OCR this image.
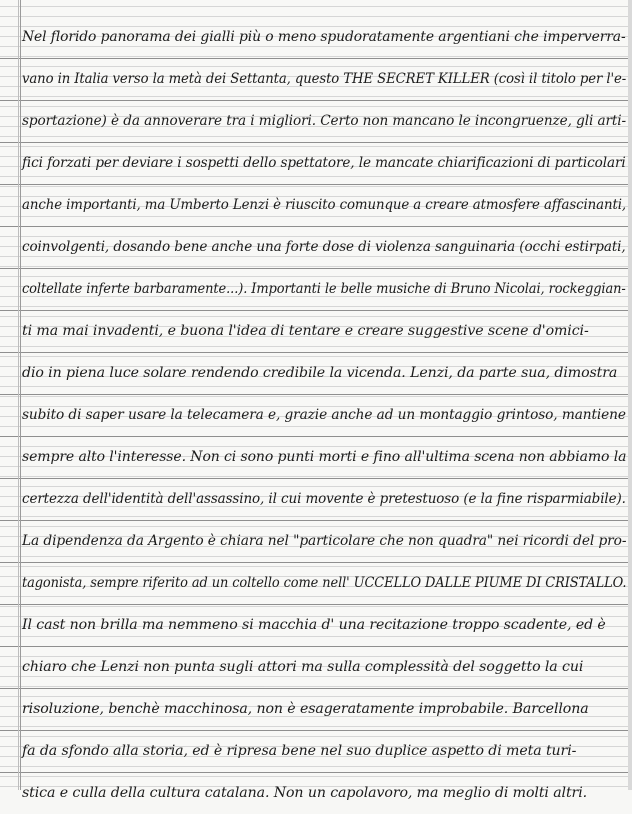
Nel florido panorama dei gialli più o meno spudoratamente argentiani che imperverra-
vano in Italia verso la metà dei Settanta, questo THE SECRET KILLER (così il titolo per l'e-
sportazione) è da annoverare tra i migliori. Certo non mancano le incongruenze, gli arti-
fici forzati per deviare i sospetti dello spettatore, le mancate chiarificazioni di particolari
anche importanti, ma Umberto Lenzi è riuscito comunque a creare atmosfere affascinanti,
coinvolgenti, dosando bene anche una forte dose di violenza sanguinaria (occhi estirpati,
coltellate inferte barbaramente...). Importanti le belle musiche di Bruno Nicolai, rockeggian-
ti ma mai invadenti, e buona l'idea di tentare e creare suggestive scene d'omici-
dio in piena luce solare rendendo credibile la vicenda. Lenzi, da parte sua, dimostra
subito di saper usare la telecamera e, grazie anche ad un montaggio grintoso, mantiene
sempre alto l'interesse. Non ci sono punti morti e fino all'ultima scena non abbiamo la
certezza dell'identità dell'assassino, il cui movente è pretestuoso (e la fine risparmiabile).
La dipendenza da Argento è chiara nel "particolare che non quadra" nei ricordi del pro-
tagonista, sempre riferito ad un coltello come nell' UCCELLO DALLE PIUME DI CRISTALLO.
Il cast non brilla ma nemmeno si macchia d' una recitazione troppo scadente, ed è
chiaro che Lenzi non punta sugli attori ma sulla complessità del soggetto la cui
risoluzione, benchè macchinosa, non è esageratamente improbabile. Barcellona
fa da sfondo alla storia, ed è ripresa bene nel suo duplice aspetto di meta turi-
stica e culla della cultura catalana. Non un capolavoro, ma meglio di molti altri.
